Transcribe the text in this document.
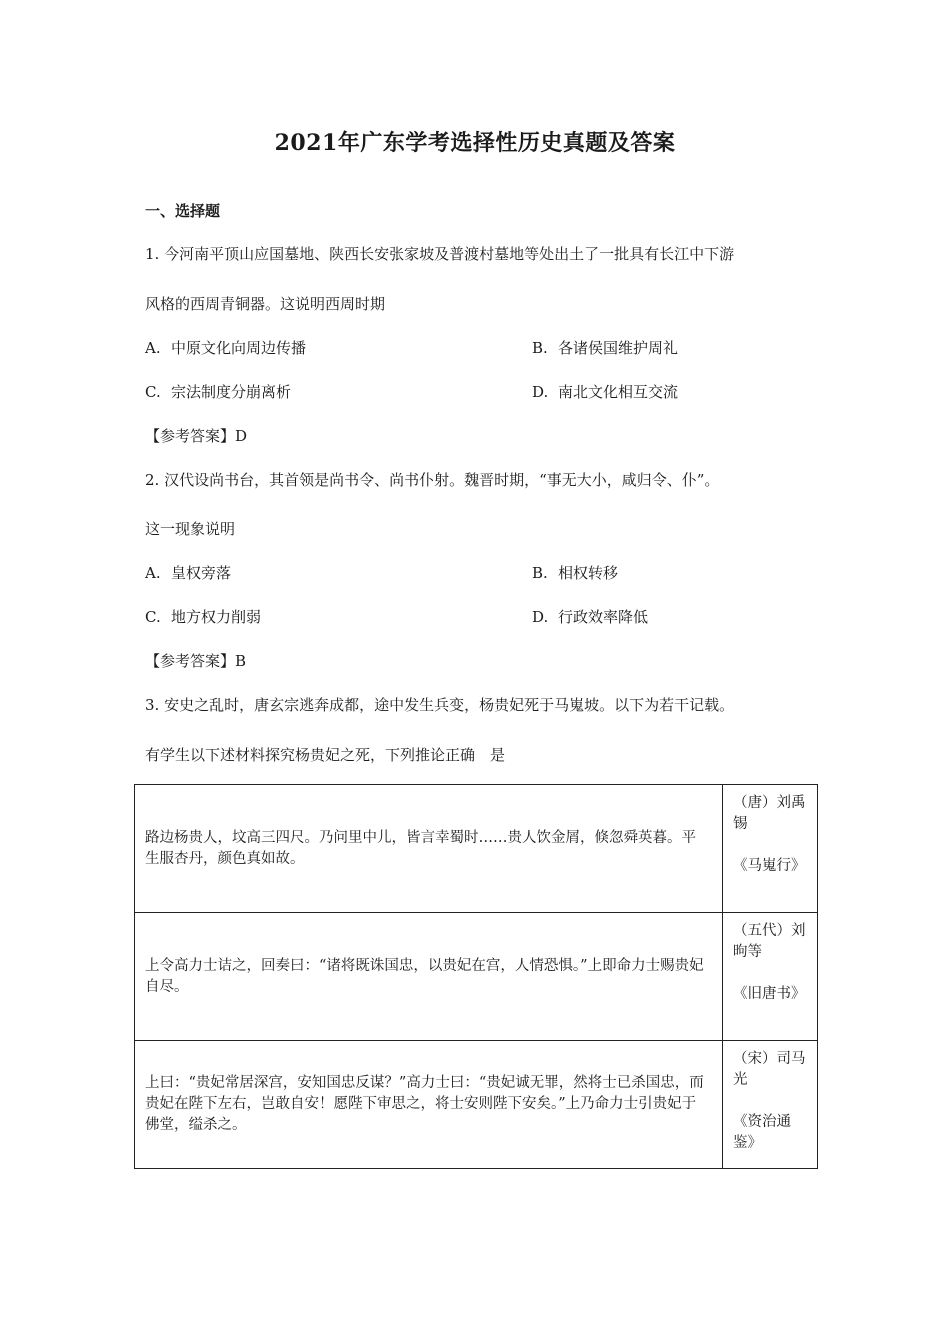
2021年广东学考选择性历史真题及答案
一、选择题
1. 今河南平顶山应国墓地、陕西长安张家坡及普渡村墓地等处出土了一批具有长江中下游
风格的西周青铜器。这说明西周时期
A. 中原文化向周边传播	B. 各诸侯国维护周礼
C. 宗法制度分崩离析	D. 南北文化相互交流
【参考答案】D
2. 汉代设尚书台，其首领是尚书令、尚书仆射。魏晋时期，“事无大小，咸归令、仆”。
这一现象说明
A. 皇权旁落	B. 相权转移
C. 地方权力削弱	D. 行政效率降低
【参考答案】B
3. 安史之乱时，唐玄宗逃奔成都，途中发生兵变，杨贵妃死于马嵬坡。以下为若干记载。
有学生以下述材料探究杨贵妃之死，下列推论正确　是
路边杨贵人，坟高三四尺。乃问里中儿，皆言幸蜀时……贵人饮金屑，倏忽舜英暮。平生服杏丹，颜色真如故。	（唐）刘禹锡
《马嵬行》

上令高力士诘之，回奏曰：“诸将既诛国忠，以贵妃在宫，人情恐惧。”上即命力士赐贵妃自尽。	（五代）刘昫等
《旧唐书》

上曰：“贵妃常居深宫，安知国忠反谋？”高力士曰：“贵妃诚无罪，然将士已杀国忠，而贵妃在陛下左右，岂敢自安！愿陛下审思之，将士安则陛下安矣。”上乃命力士引贵妃于佛堂，缢杀之。	（宋）司马光
《资治通鉴》
